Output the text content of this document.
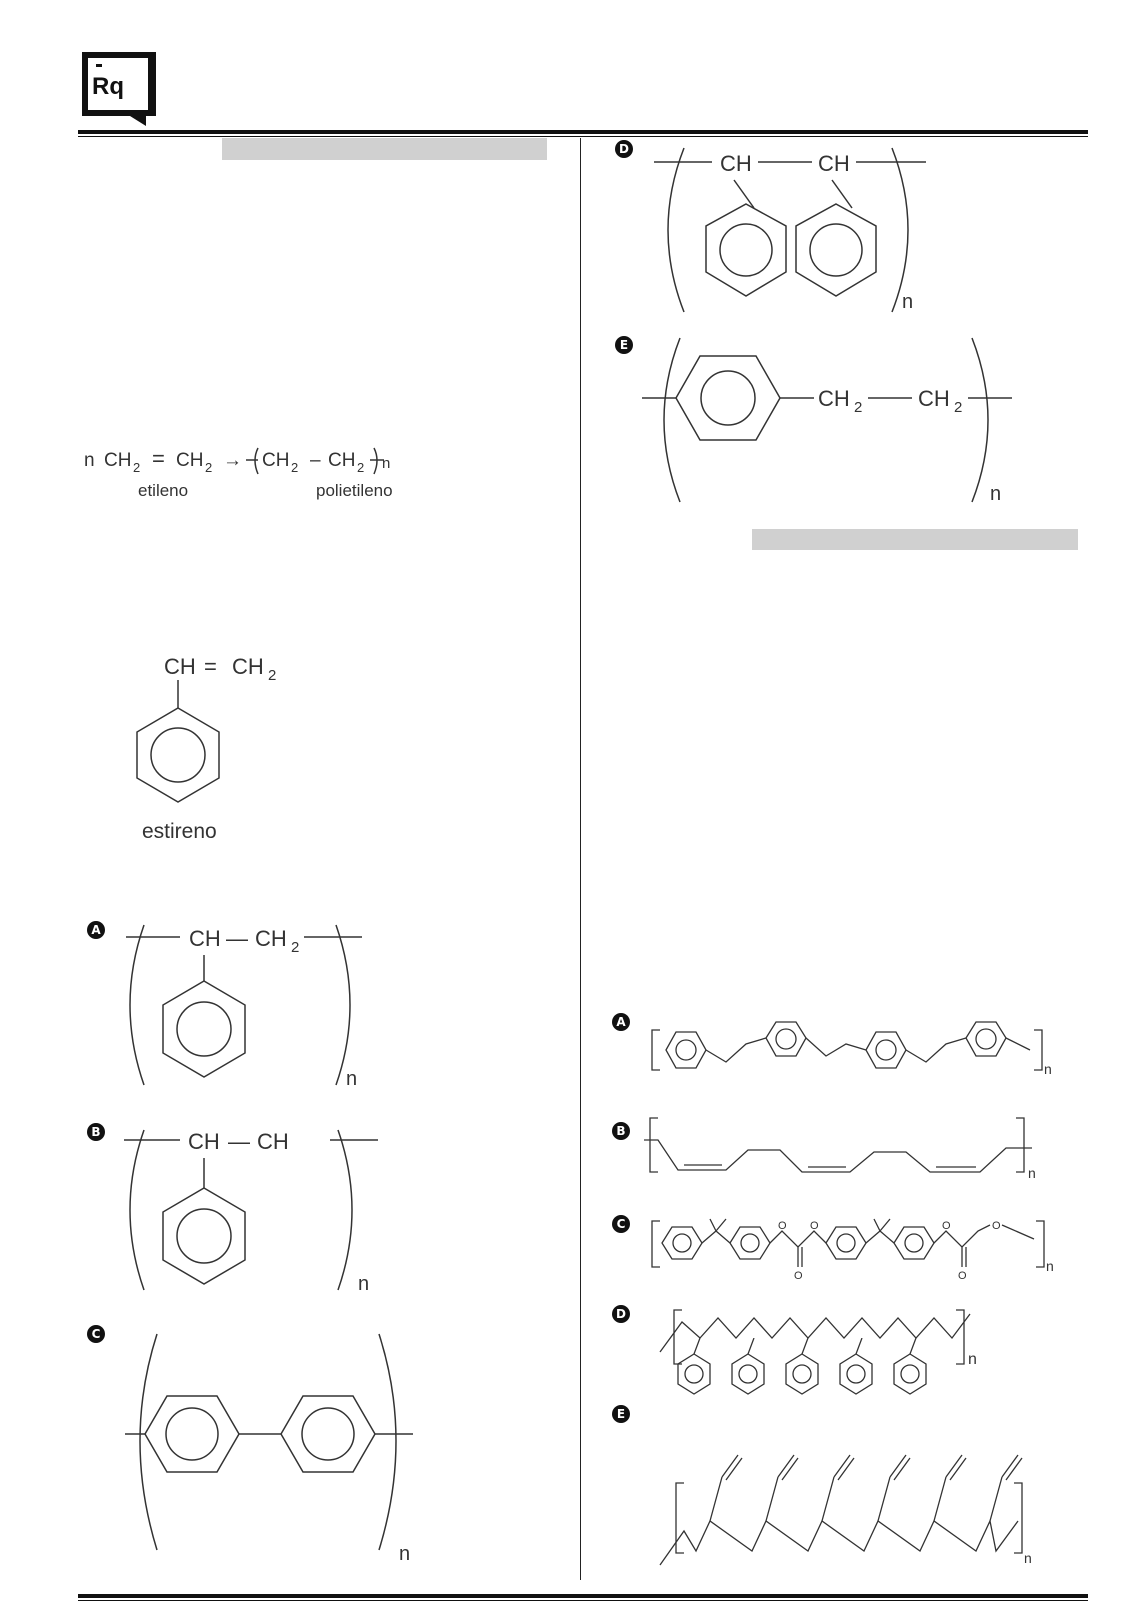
Rq
n CH 2 = CH 2 → CH 2 – CH 2 n
etileno	polietileno
CH = CH 2
estireno
A	CH — CH 2
n
B	CH — CH
n
C
n
D
CH	CH
n
E
CH 2	CH 2
n
A
n
B
n
C	O O
O
O	O
O
n
D
n
E
n
